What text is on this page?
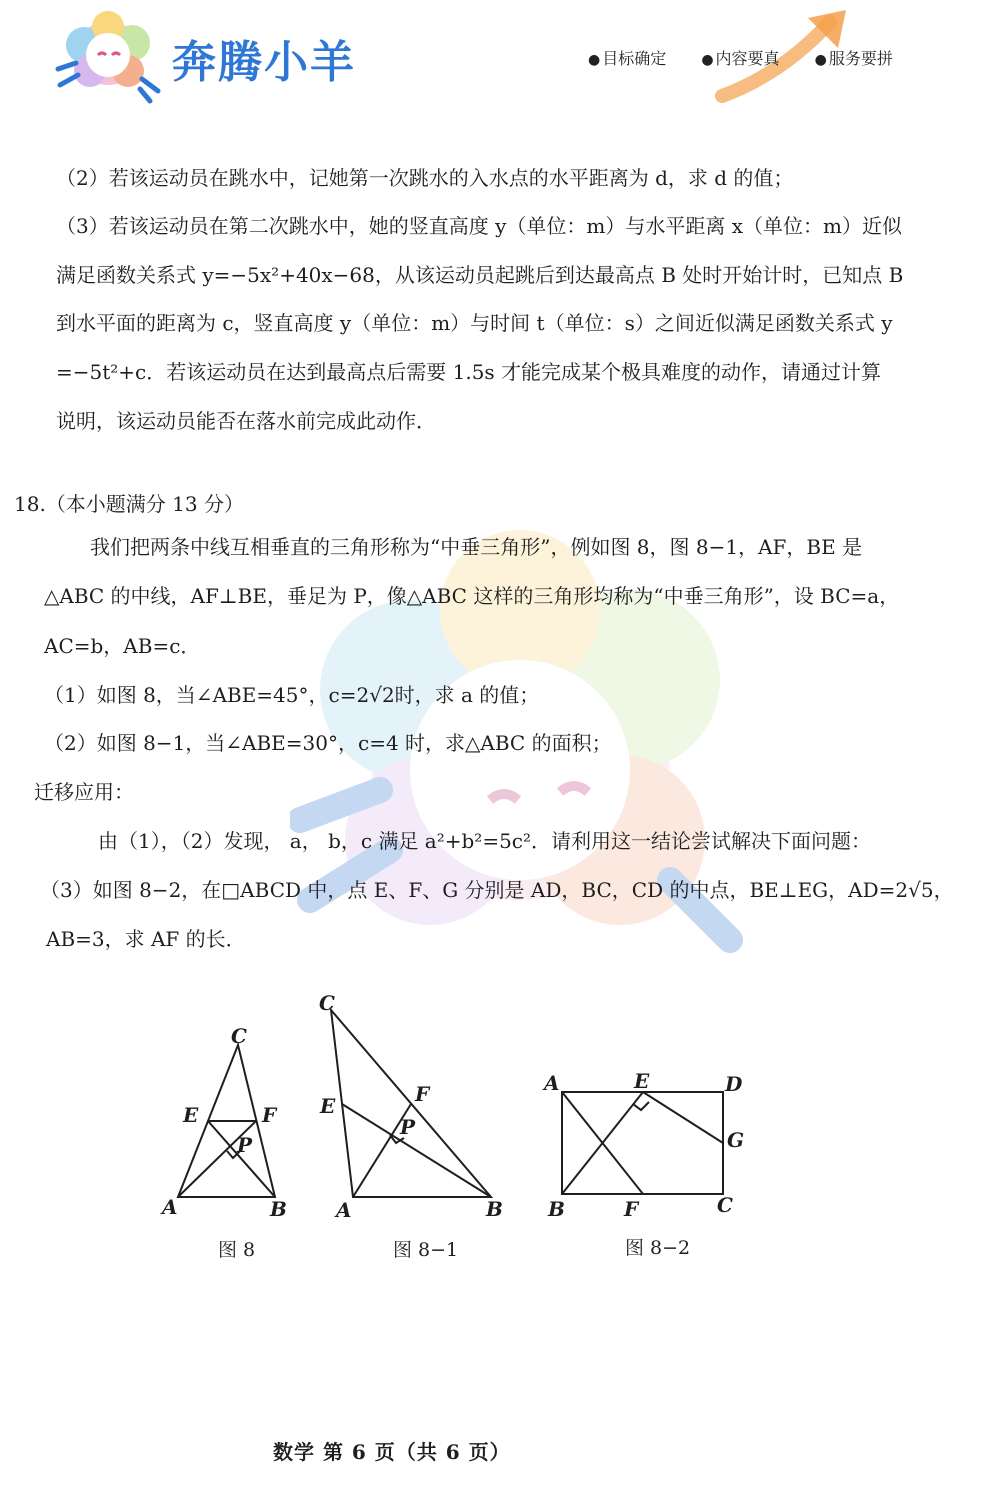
奔腾小羊	● 目标确定	● 内容要真	● 服务要拼
（2）若该运动员在跳水中，记她第一次跳水的入水点的水平距离为 d，求 d 的值；
（3）若该运动员在第二次跳水中，她的竖直高度 y（单位：m）与水平距离 x（单位：m）近似
满足函数关系式 y=−5x²+40x−68，从该运动员起跳后到达最高点 B 处时开始计时，已知点 B
到水平面的距离为 c，竖直高度 y（单位：m）与时间 t（单位：s）之间近似满足函数关系式 y
=−5t²+c．若该运动员在达到最高点后需要 1.5s 才能完成某个极具难度的动作，请通过计算
说明，该运动员能否在落水前完成此动作．
18.（本小题满分 13 分）
我们把两条中线互相垂直的三角形称为“中垂三角形”，例如图 8，图 8−1，AF，BE 是
△ABC 的中线，AF⊥BE，垂足为 P，像△ABC 这样的三角形均称为“中垂三角形”，设 BC=a，
AC=b，AB=c．
（1）如图 8，当∠ABE=45°，c=2√2时，求 a 的值；
（2）如图 8−1，当∠ABE=30°，c=4 时，求△ABC 的面积；
迁移应用：
由（1），（2）发现， a， b，c 满足 a²+b²=5c²．请利用这一结论尝试解决下面问题：
（3）如图 8−2，在□ABCD 中，点 E、F、G 分别是 AD，BC，CD 的中点，BE⊥EG，AD=2√5，
AB=3，求 AF 的长．
C
E	F
P
A	B
C
E	F
P
A	B
A	E	D
G
B	F	C
图 8	图 8−1	图 8−2
数学 第 6 页（共 6 页）
